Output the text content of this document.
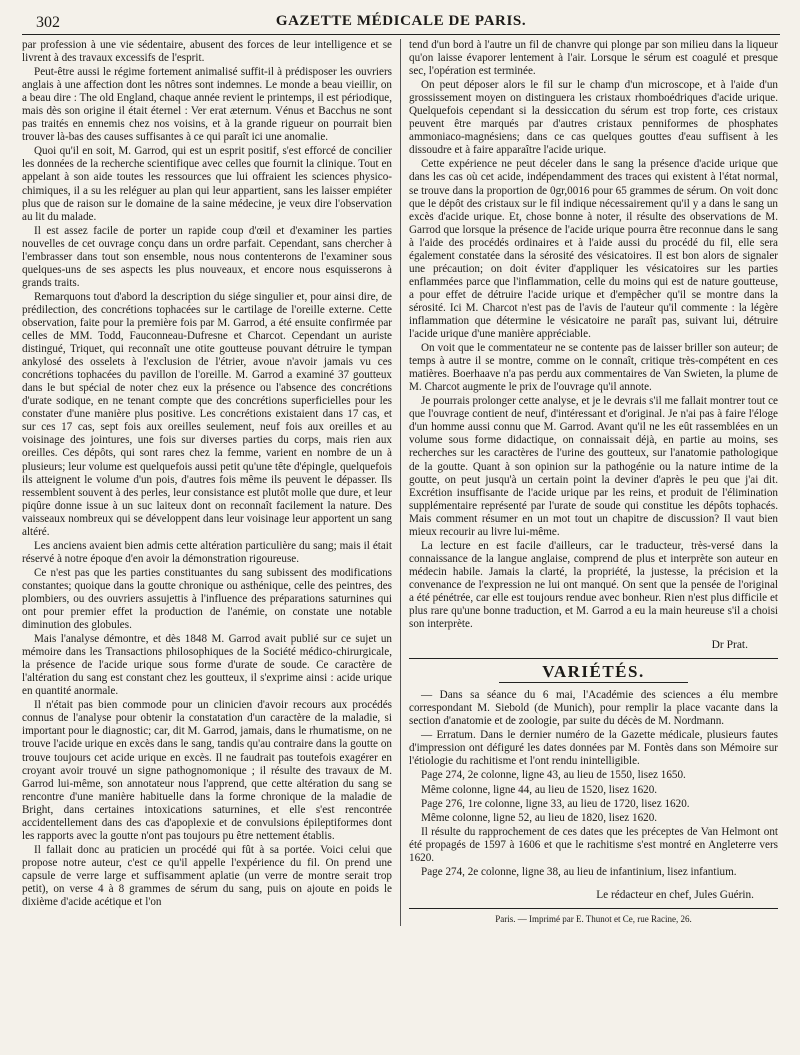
302	GAZETTE MÉDICALE DE PARIS.

par profession à une vie sédentaire, abusent des forces de leur intelligence et se livrent à des travaux excessifs de l'esprit.

Peut-être aussi le régime fortement animalisé suffit-il à prédisposer les ouvriers anglais à une affection dont les nôtres sont indemnes. Le monde a beau vieillir, on a beau dire : The old England, chaque année revient le printemps, il est périodique, mais dès son origine il était éternel : Ver erat æternum. Vénus et Bacchus ne sont pas traités en ennemis chez nos voisins, et à la grande rigueur on pourrait bien trouver là-bas des causes suffisantes à ce qui paraît ici une anomalie.

Quoi qu'il en soit, M. Garrod, qui est un esprit positif, s'est efforcé de concilier les données de la recherche scientifique avec celles que fournit la clinique. Tout en appelant à son aide toutes les ressources que lui offraient les sciences physico-chimiques, il a su les reléguer au plan qui leur appartient, sans les laisser empiéter plus que de raison sur le domaine de la saine médecine, je veux dire l'observation au lit du malade.

Il est assez facile de porter un rapide coup d'œil et d'examiner les parties nouvelles de cet ouvrage conçu dans un ordre parfait. Cependant, sans chercher à l'embrasser dans tout son ensemble, nous nous contenterons de l'examiner sous quelques-uns de ses aspects les plus nouveaux, et encore nous esquisserons à grands traits.

Remarquons tout d'abord la description du siége singulier et, pour ainsi dire, de prédilection, des concrétions tophacées sur le cartilage de l'oreille externe. Cette observation, faite pour la première fois par M. Garrod, a été ensuite confirmée par celles de MM. Todd, Fauconneau-Dufresne et Charcot. Cependant un auriste distingué, Triquet, qui reconnaît une otite goutteuse pouvant détruire le tympan ankylosé des osselets à l'exclusion de l'étrier, avoue n'avoir jamais vu ces concrétions tophacées du pavillon de l'oreille. M. Garrod a examiné 37 goutteux dans le but spécial de noter chez eux la présence ou l'absence des concrétions d'urate sodique, en ne tenant compte que des concrétions superficielles pour les constater d'une manière plus positive. Les concrétions existaient dans 17 cas, et sur ces 17 cas, sept fois aux oreilles seulement, neuf fois aux oreilles et au voisinage des jointures, une fois sur diverses parties du corps, mais rien aux oreilles. Ces dépôts, qui sont rares chez la femme, varient en nombre de un à plusieurs; leur volume est quelquefois aussi petit qu'une tête d'épingle, quelquefois ils atteignent le volume d'un pois, d'autres fois même ils peuvent le dépasser. Ils ressemblent souvent à des perles, leur consistance est plutôt molle que dure, et leur piqûre donne issue à un suc laiteux dont on reconnaît facilement la nature. Des vaisseaux nombreux qui se développent dans leur voisinage leur apportent un sang altéré.

Les anciens avaient bien admis cette altération particulière du sang; mais il était réservé à notre époque d'en avoir la démonstration rigoureuse.

Ce n'est pas que les parties constituantes du sang subissent des modifications constantes; quoique dans la goutte chronique ou asthénique, celle des peintres, des plombiers, ou des ouvriers assujettis à l'influence des préparations saturnines qui ont pour premier effet la production de l'anémie, on constate une notable diminution des globules.

Mais l'analyse démontre, et dès 1848 M. Garrod avait publié sur ce sujet un mémoire dans les Transactions philosophiques de la Société médico-chirurgicale, la présence de l'acide urique sous forme d'urate de soude. Ce caractère de l'altération du sang est constant chez les goutteux, il s'exprime ainsi : acide urique en quantité anormale.

Il n'était pas bien commode pour un clinicien d'avoir recours aux procédés connus de l'analyse pour obtenir la constatation d'un caractère de la maladie, si important pour le diagnostic; car, dit M. Garrod, jamais, dans le rhumatisme, on ne trouve l'acide urique en excès dans le sang, tandis qu'au contraire dans la goutte on trouve toujours cet acide urique en excès. Il ne faudrait pas toutefois exagérer en croyant avoir trouvé un signe pathognomonique ; il résulte des travaux de M. Garrod lui-même, son annotateur nous l'apprend, que cette altération du sang se rencontre d'une manière habituelle dans la forme chronique de la maladie de Bright, dans certaines intoxications saturnines, et elle s'est rencontrée accidentellement dans des cas d'apoplexie et de convulsions épileptiformes dont les rapports avec la goutte n'ont pas toujours pu être nettement établis.

Il fallait donc au praticien un procédé qui fût à sa portée. Voici celui que propose notre auteur, c'est ce qu'il appelle l'expérience du fil. On prend une capsule de verre large et suffisamment aplatie (un verre de montre serait trop petit), on verse 4 à 8 grammes de sérum du sang, puis on ajoute en poids le dixième d'acide acétique et l'on

tend d'un bord à l'autre un fil de chanvre qui plonge par son milieu dans la liqueur qu'on laisse évaporer lentement à l'air. Lorsque le sérum est coagulé et presque sec, l'opération est terminée.

On peut déposer alors le fil sur le champ d'un microscope, et à l'aide d'un grossissement moyen on distinguera les cristaux rhomboédriques d'acide urique. Quelquefois cependant si la dessiccation du sérum est trop forte, ces cristaux peuvent être marqués par d'autres cristaux penniformes de phosphates ammoniaco-magnésiens; dans ce cas quelques gouttes d'eau suffisent à les dissoudre et à faire apparaître l'acide urique.

Cette expérience ne peut déceler dans le sang la présence d'acide urique que dans les cas où cet acide, indépendamment des traces qui existent à l'état normal, se trouve dans la proportion de 0gr,0016 pour 65 grammes de sérum. On voit donc que le dépôt des cristaux sur le fil indique nécessairement qu'il y a dans le sang un excès d'acide urique. Et, chose bonne à noter, il résulte des observations de M. Garrod que lorsque la présence de l'acide urique pourra être reconnue dans le sang à l'aide des procédés ordinaires et à l'aide aussi du procédé du fil, elle sera également constatée dans la sérosité des vésicatoires. Il est bon alors de signaler une précaution; on doit éviter d'appliquer les vésicatoires sur les parties enflammées parce que l'inflammation, celle du moins qui est de nature goutteuse, a pour effet de détruire l'acide urique et d'empêcher qu'il se montre dans la sérosité. Ici M. Charcot n'est pas de l'avis de l'auteur qu'il commente : la légère inflammation que détermine le vésicatoire ne paraît pas, suivant lui, détruire l'acide urique d'une manière appréciable.

On voit que le commentateur ne se contente pas de laisser briller son auteur; de temps à autre il se montre, comme on le connaît, critique très-compétent en ces matières. Boerhaave n'a pas perdu aux commentaires de Van Swieten, la plume de M. Charcot augmente le prix de l'ouvrage qu'il annote.

Je pourrais prolonger cette analyse, et je le devrais s'il me fallait montrer tout ce que l'ouvrage contient de neuf, d'intéressant et d'original. Je n'ai pas à faire l'éloge d'un homme aussi connu que M. Garrod. Avant qu'il ne les eût rassemblées en un volume sous forme didactique, on connaissait déjà, en partie au moins, ses recherches sur les caractères de l'urine des goutteux, sur l'anatomie pathologique de la goutte. Quant à son opinion sur la pathogénie ou la nature intime de la goutte, on peut jusqu'à un certain point la deviner d'après le peu que j'ai dit. Excrétion insuffisante de l'acide urique par les reins, et produit de l'élimination supplémentaire représenté par l'urate de soude qui constitue les dépôts tophacés. Mais comment résumer en un mot tout un chapitre de discussion? Il vaut bien mieux recourir au livre lui-même.

La lecture en est facile d'ailleurs, car le traducteur, très-versé dans la connaissance de la langue anglaise, comprend de plus et interprète son auteur en médecin habile. Jamais la clarté, la propriété, la justesse, la précision et la convenance de l'expression ne lui ont manqué. On sent que la pensée de l'original a été pénétrée, car elle est toujours rendue avec bonheur. Rien n'est plus difficile et plus rare qu'une bonne traduction, et M. Garrod a eu la main heureuse s'il a choisi son interprète.

Dr Prat.
VARIÉTÉS.

— Dans sa séance du 6 mai, l'Académie des sciences a élu membre correspondant M. Siebold (de Munich), pour remplir la place vacante dans la section d'anatomie et de zoologie, par suite du décès de M. Nordmann.

— Erratum. Dans le dernier numéro de la Gazette médicale, plusieurs fautes d'impression ont défiguré les dates données par M. Fontès dans son Mémoire sur l'étiologie du rachitisme et l'ont rendu inintelligible.

Page 274, 2e colonne, ligne 43, au lieu de 1550, lisez 1650.

Même colonne, ligne 44, au lieu de 1520, lisez 1620.

Page 276, 1re colonne, ligne 33, au lieu de 1720, lisez 1620.

Même colonne, ligne 52, au lieu de 1820, lisez 1620.

Il résulte du rapprochement de ces dates que les préceptes de Van Helmont ont été propagés de 1597 à 1606 et que le rachitisme s'est montré en Angleterre vers 1620.

Page 274, 2e colonne, ligne 38, au lieu de infantinium, lisez infantium.

Le rédacteur en chef, Jules Guérin.
Paris. — Imprimé par E. Thunot et Ce, rue Racine, 26.
